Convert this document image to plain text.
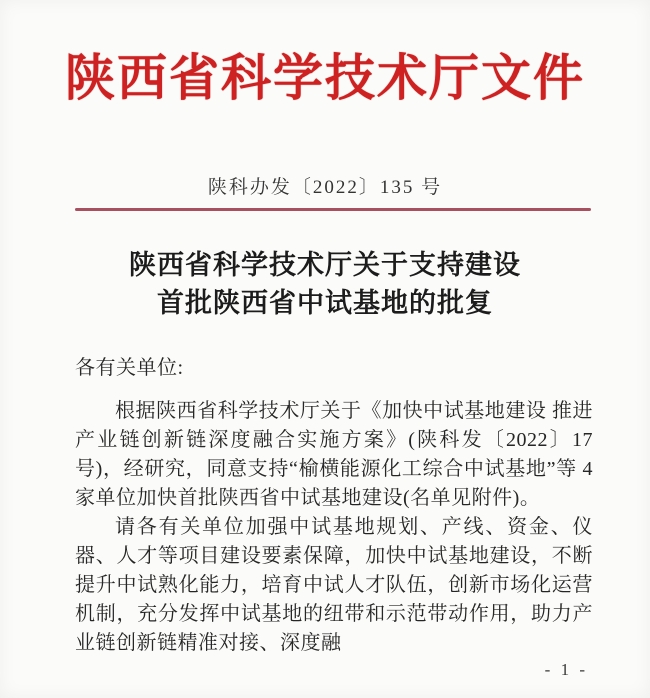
陕西省科学技术厅文件
陕科办发〔2022〕135 号
陕西省科学技术厅关于支持建设
首批陕西省中试基地的批复

各有关单位:

根据陕西省科学技术厅关于《加快中试基地建设 推进产业链创新链深度融合实施方案》(陕科发〔2022〕17 号)，经研究，同意支持“榆横能源化工综合中试基地”等 4 家单位加快首批陕西省中试基地建设(名单见附件)。

请各有关单位加强中试基地规划、产线、资金、仪器、人才等项目建设要素保障，加快中试基地建设，不断提升中试熟化能力，培育中试人才队伍，创新市场化运营机制，充分发挥中试基地的纽带和示范带动作用，助力产业链创新链精准对接、深度融

- 1 -
